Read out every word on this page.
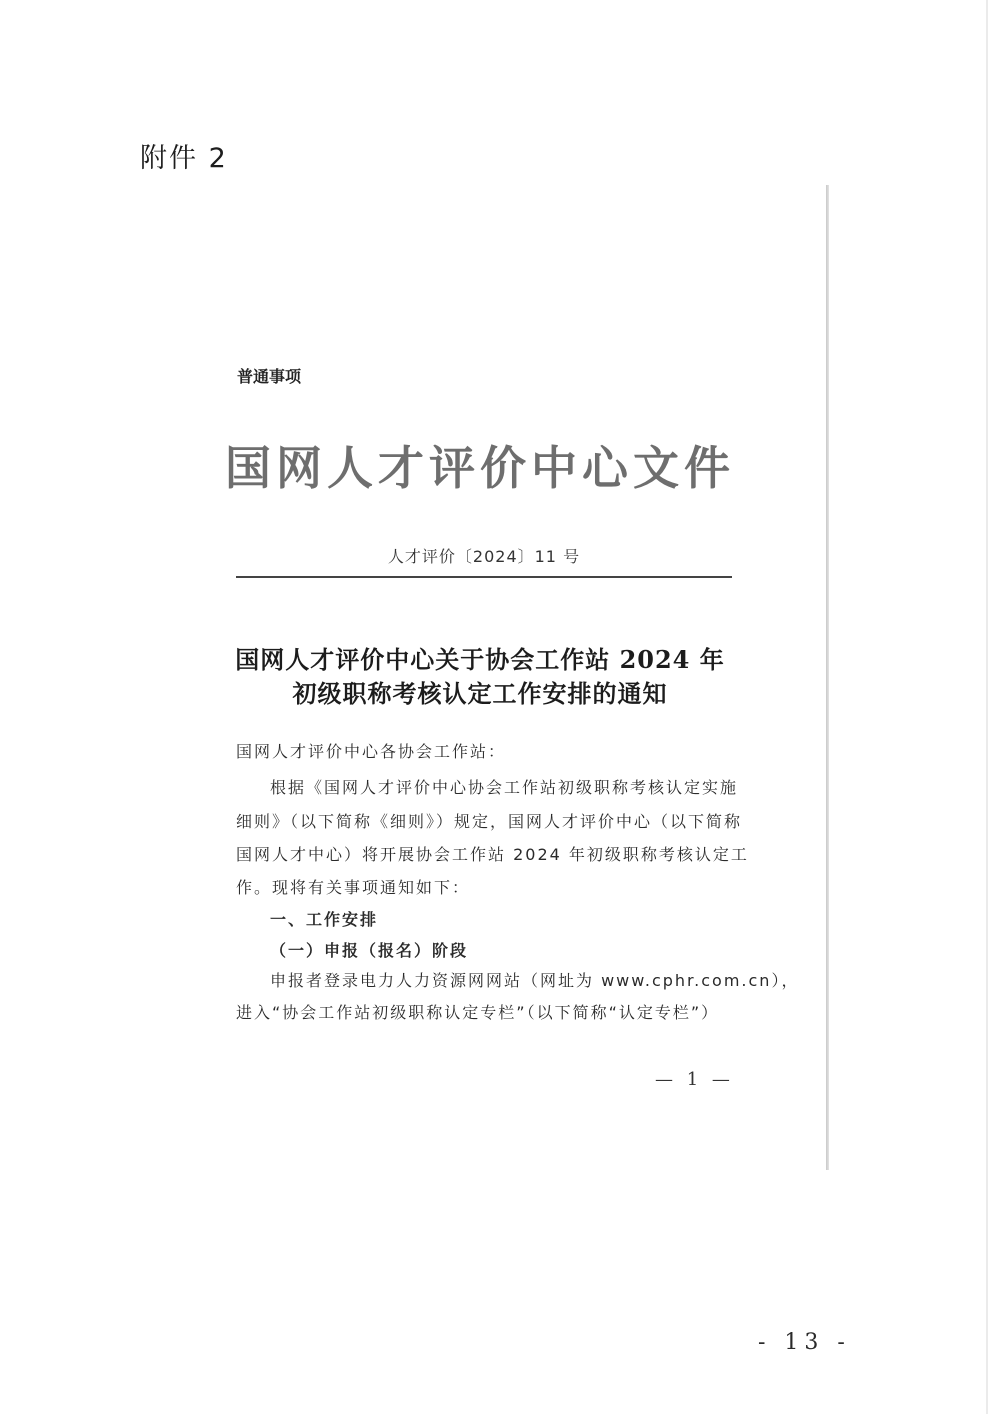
附件 2
普通事项
国网人才评价中心文件
人才评价〔2024〕11 号
国网人才评价中心关于协会工作站 2024 年
初级职称考核认定工作安排的通知
国网人才评价中心各协会工作站：
根据《国网人才评价中心协会工作站初级职称考核认定实施
细则》（以下简称《细则》）规定，国网人才评价中心（以下简称
国网人才中心）将开展协会工作站 2024 年初级职称考核认定工
作。现将有关事项通知如下：
一、工作安排
（一）申报（报名）阶段
申报者登录电力人力资源网网站（网址为 www.cphr.com.cn），
进入“协会工作站初级职称认定专栏”（以下简称“认定专栏”）
— 1 —
- 13 -
